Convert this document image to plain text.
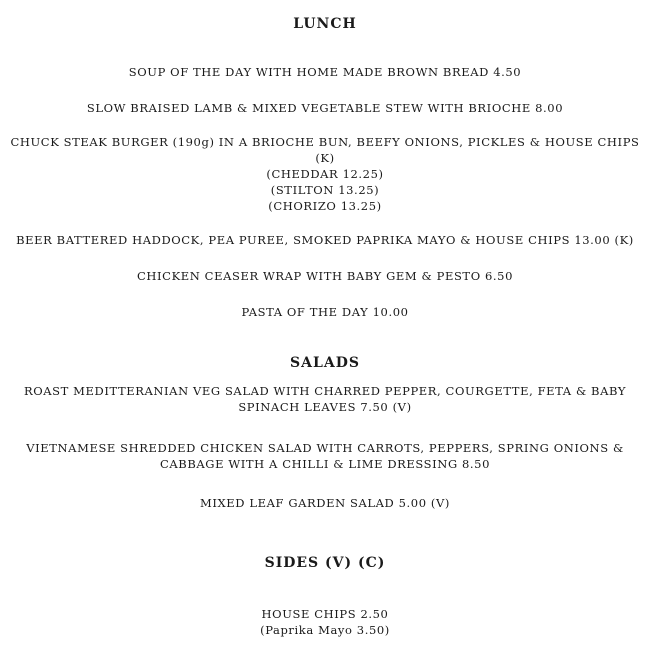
LUNCH
SOUP OF THE DAY WITH HOME MADE BROWN BREAD 4.50
SLOW BRAISED LAMB & MIXED VEGETABLE STEW WITH BRIOCHE 8.00
CHUCK STEAK BURGER (190g) IN A BRIOCHE BUN, BEEFY ONIONS, PICKLES & HOUSE CHIPS
(K)
(CHEDDAR 12.25)
(STILTON 13.25)
(CHORIZO 13.25)
BEER BATTERED HADDOCK, PEA PUREE, SMOKED PAPRIKA MAYO & HOUSE CHIPS 13.00 (K)
CHICKEN CEASER WRAP WITH BABY GEM & PESTO 6.50
PASTA OF THE DAY 10.00
SALADS
ROAST MEDITTERANIAN VEG SALAD WITH CHARRED PEPPER, COURGETTE, FETA & BABY
SPINACH LEAVES 7.50 (V)
VIETNAMESE SHREDDED CHICKEN SALAD WITH CARROTS, PEPPERS, SPRING ONIONS &
CABBAGE WITH A CHILLI & LIME DRESSING 8.50
MIXED LEAF GARDEN SALAD 5.00 (V)
SIDES (V) (C)
HOUSE CHIPS 2.50
(Paprika Mayo 3.50)
